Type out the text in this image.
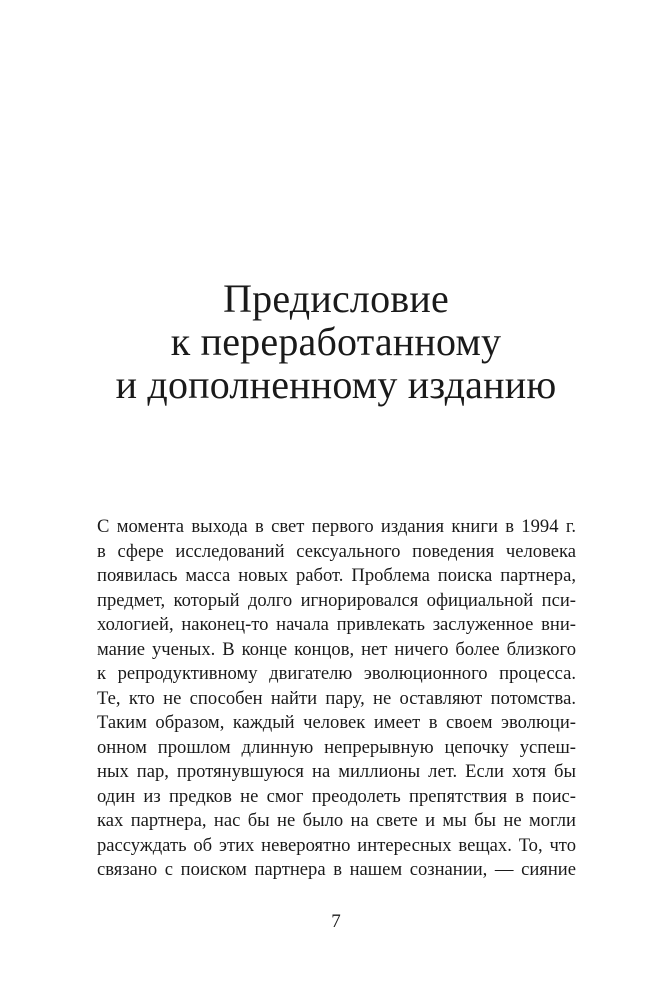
Предисловие
к переработанному
и дополненному изданию
С момента выхода в свет первого издания книги в 1994 г.
в сфере исследований сексуального поведения человека
появилась масса новых работ. Проблема поиска партнера,
предмет, который долго игнорировался официальной пси-
хологией, наконец-то начала привлекать заслуженное вни-
мание ученых. В конце концов, нет ничего более близкого
к репродуктивному двигателю эволюционного процесса.
Те, кто не способен найти пару, не оставляют потомства.
Таким образом, каждый человек имеет в своем эволюци-
онном прошлом длинную непрерывную цепочку успеш-
ных пар, протянувшуюся на миллионы лет. Если хотя бы
один из предков не смог преодолеть препятствия в поис-
ках партнера, нас бы не было на свете и мы бы не могли
рассуждать об этих невероятно интересных вещах. То, что
связано с поиском партнера в нашем сознании, — сияние
7
